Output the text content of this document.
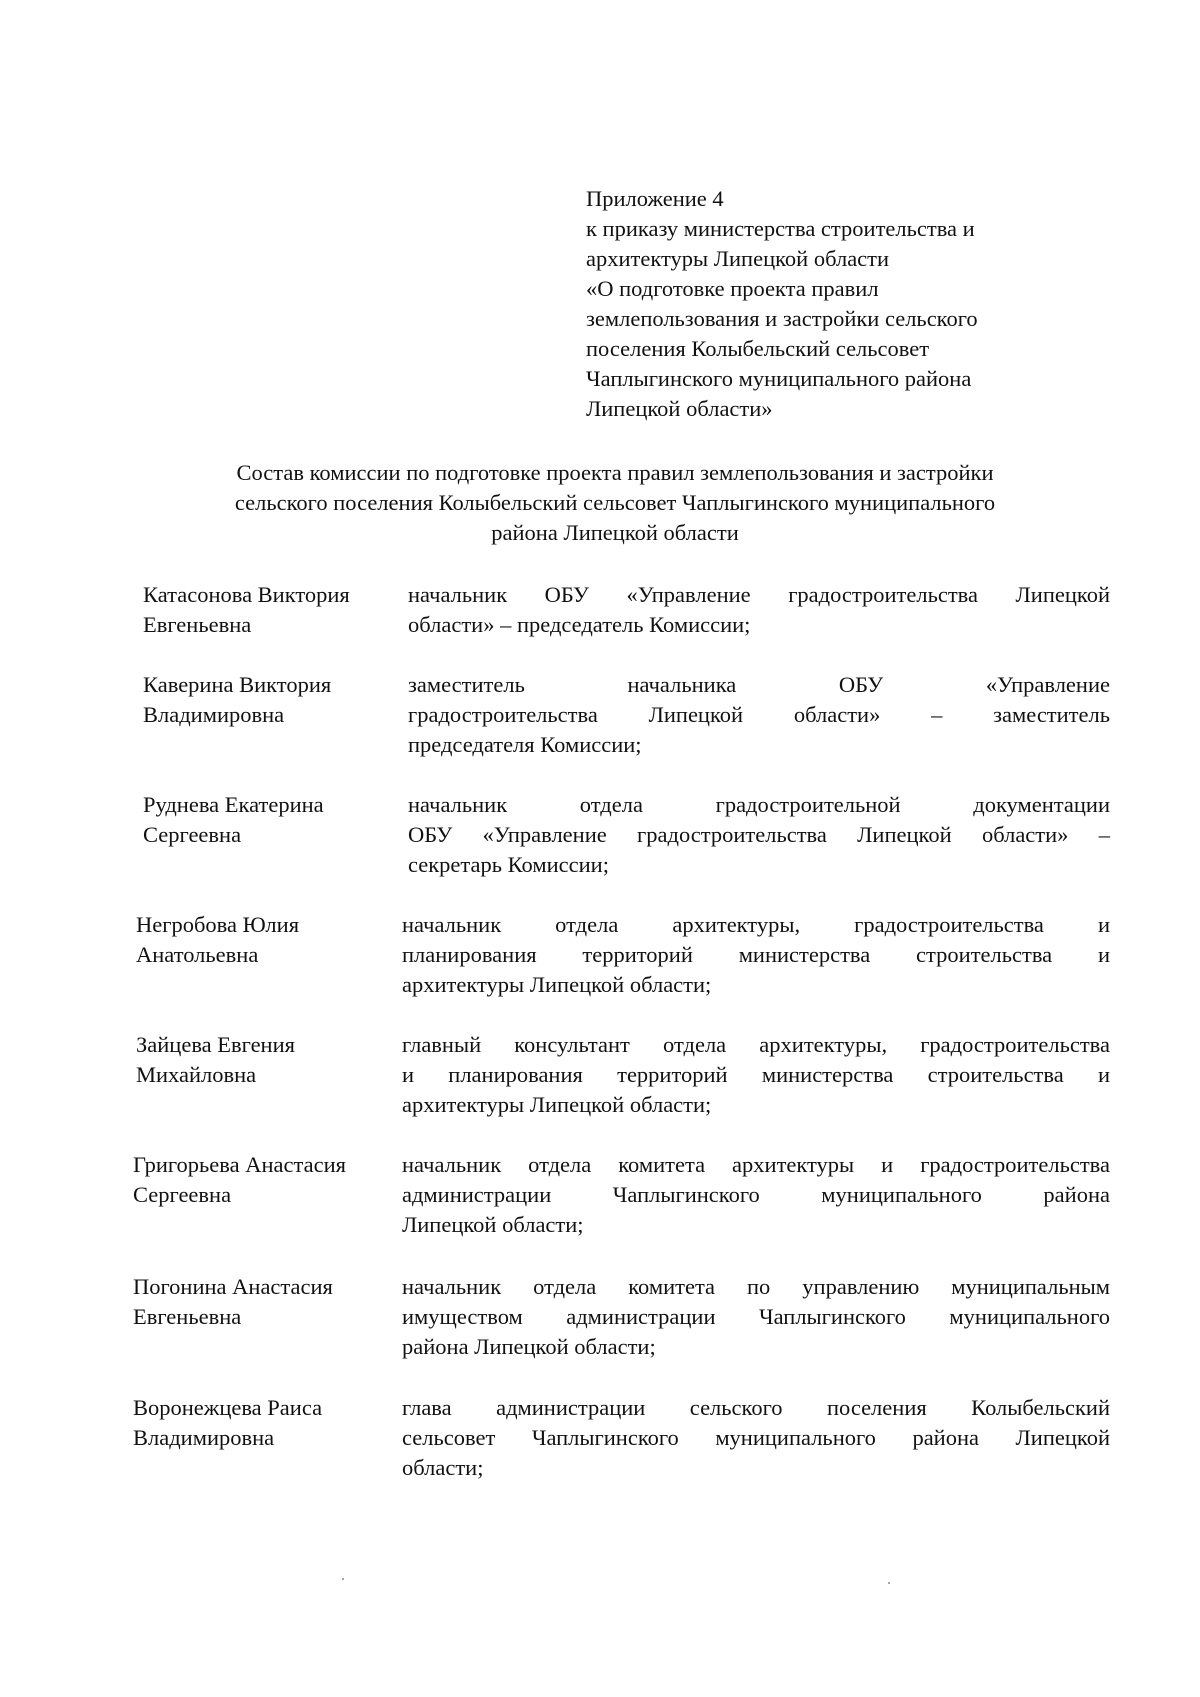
Приложение 4
к приказу министерства строительства и
архитектуры Липецкой области
«О подготовке проекта правил
землепользования и застройки сельского
поселения Колыбельский сельсовет
Чаплыгинского муниципального района
Липецкой области»
Состав комиссии по подготовке проекта правил землепользования и застройки
сельского поселения Колыбельский сельсовет Чаплыгинского муниципального
района Липецкой области
Катасонова Виктория
Евгеньевна
начальник ОБУ «Управление градостроительства Липецкой
области» – председатель Комиссии;
Каверина Виктория
Владимировна
заместитель начальника ОБУ «Управление
градостроительства Липецкой области» – заместитель
председателя Комиссии;
Руднева Екатерина
Сергеевна
начальник отдела градостроительной документации
ОБУ «Управление градостроительства Липецкой области» –
секретарь Комиссии;
Негробова Юлия
Анатольевна
начальник отдела архитектуры, градостроительства и
планирования территорий министерства строительства и
архитектуры Липецкой области;
Зайцева Евгения
Михайловна
главный консультант отдела архитектуры, градостроительства
и планирования территорий министерства строительства и
архитектуры Липецкой области;
Григорьева Анастасия
Сергеевна
начальник отдела комитета архитектуры и градостроительства
администрации Чаплыгинского муниципального района
Липецкой области;
Погонина Анастасия
Евгеньевна
начальник отдела комитета по управлению муниципальным
имуществом администрации Чаплыгинского муниципального
района Липецкой области;
Воронежцева Раиса
Владимировна
глава администрации сельского поселения Колыбельский
сельсовет Чаплыгинского муниципального района Липецкой
области;
